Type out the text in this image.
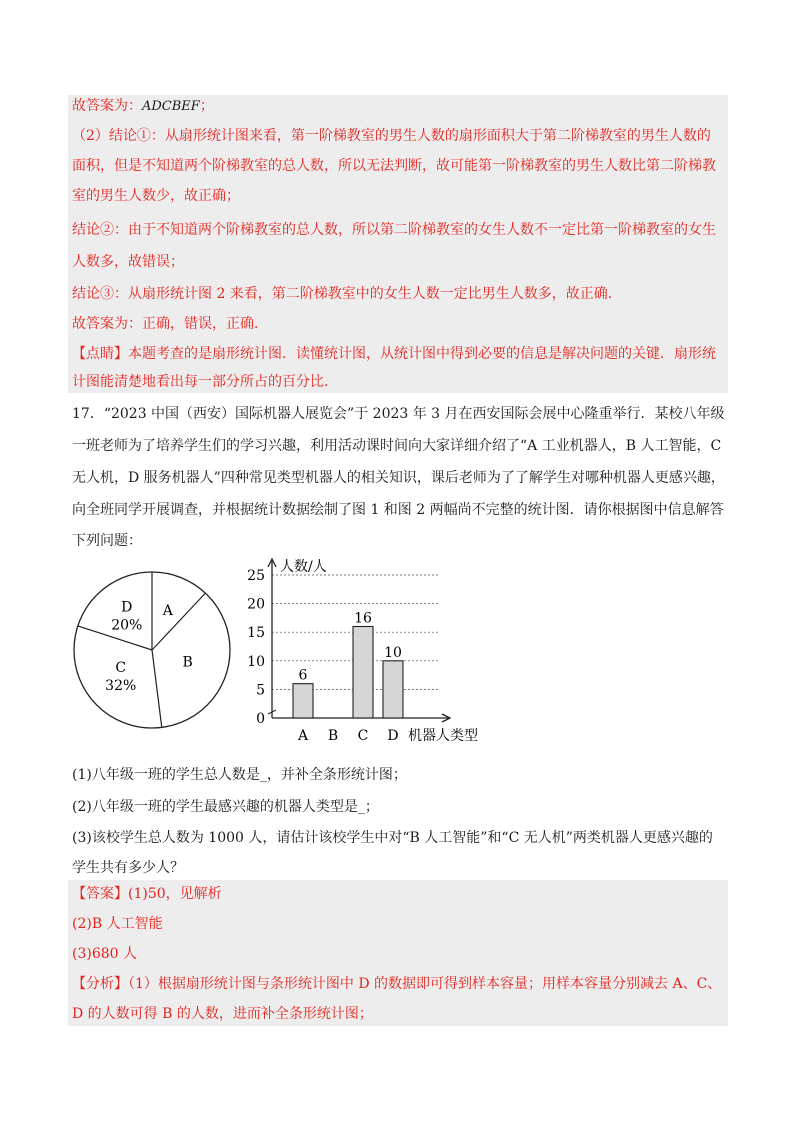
故答案为：ADCBEF；
（2）结论①：从扇形统计图来看，第一阶梯教室的男生人数的扇形面积大于第二阶梯教室的男生人数的
面积，但是不知道两个阶梯教室的总人数，所以无法判断，故可能第一阶梯教室的男生人数比第二阶梯教
室的男生人数少，故正确；
结论②：由于不知道两个阶梯教室的总人数，所以第二阶梯教室的女生人数不一定比第一阶梯教室的女生
人数多，故错误；
结论③：从扇形统计图 2 来看，第二阶梯教室中的女生人数一定比男生人数多，故正确．
故答案为：正确，错误，正确．
【点睛】本题考查的是扇形统计图．读懂统计图，从统计图中得到必要的信息是解决问题的关键．扇形统
计图能清楚地看出每一部分所占的百分比．
17．“2023 中国（西安）国际机器人展览会”于 2023 年 3 月在西安国际会展中心隆重举行．某校八年级
一班老师为了培养学生们的学习兴趣，利用活动课时间向大家详细介绍了“A 工业机器人，B 人工智能，C
无人机，D 服务机器人”四种常见类型机器人的相关知识，课后老师为了了解学生对哪种机器人更感兴趣，
向全班同学开展调查，并根据统计数据绘制了图 1 和图 2 两幅尚不完整的统计图．请你根据图中信息解答
下列问题：
A
B
C
32%
D
20%
0
5
10
15
20
25
人数/人
机器人类型
A
6
B C
16
D
10
(1)八年级一班的学生总人数是_，并补全条形统计图；
(2)八年级一班的学生最感兴趣的机器人类型是_；
(3)该校学生总人数为 1000 人，请估计该校学生中对“B 人工智能”和“C 无人机”两类机器人更感兴趣的
学生共有多少人？
【答案】(1)50，见解析
(2)B 人工智能
(3)680 人
【分析】（1）根据扇形统计图与条形统计图中 D 的数据即可得到样本容量；用样本容量分别减去 A、C、
D 的人数可得 B 的人数，进而补全条形统计图；
